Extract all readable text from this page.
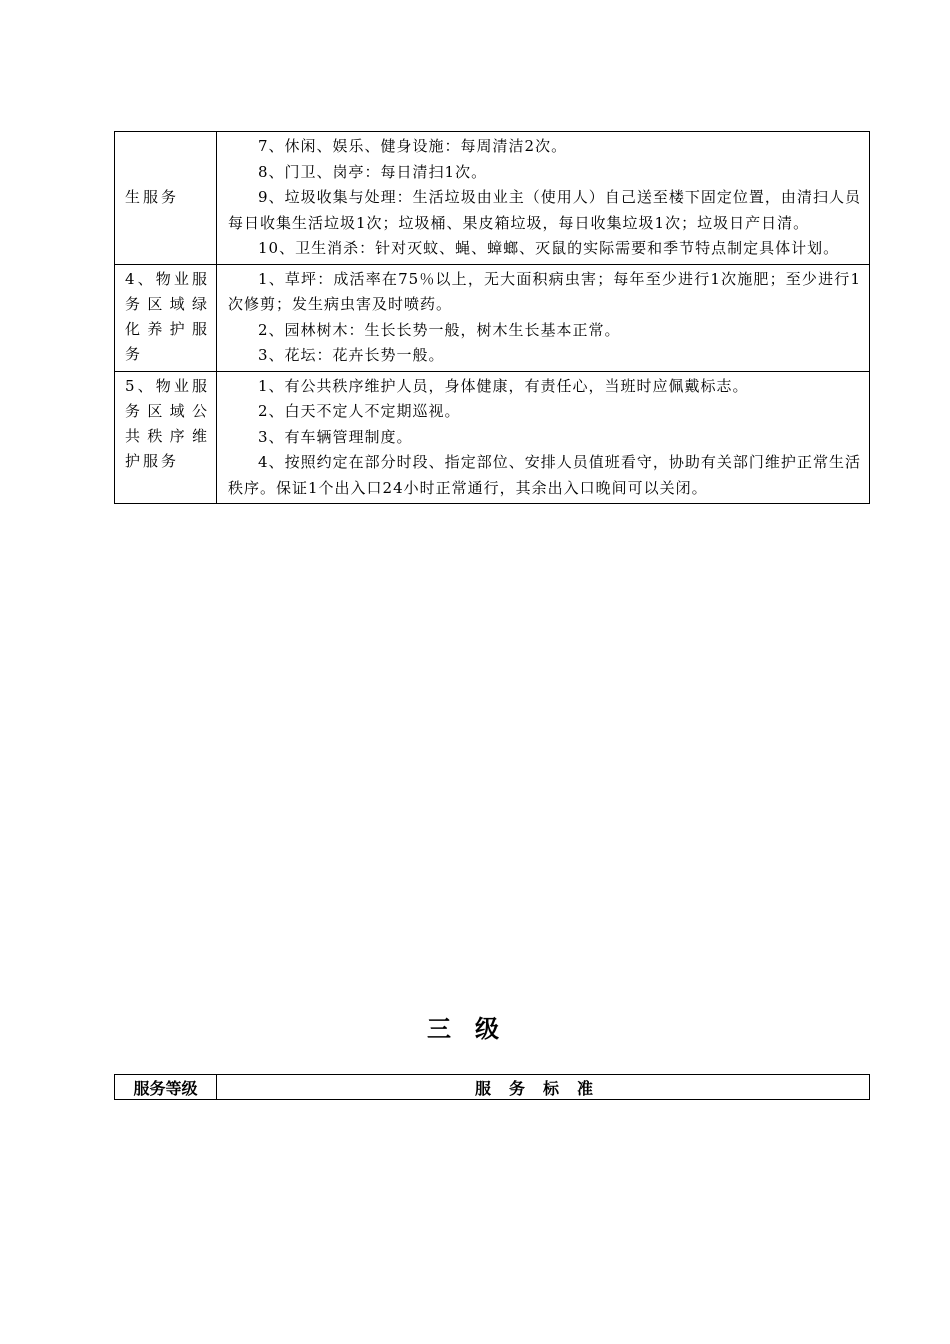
生服务	7、休闲、娱乐、健身设施：每周清洁2次。

8、门卫、岗亭：每日清扫1次。

9、垃圾收集与处理：生活垃圾由业主（使用人）自己送至楼下固定位置，由清扫人员每日收集生活垃圾1次；垃圾桶、果皮箱垃圾，每日收集垃圾1次；垃圾日产日清。

10、卫生消杀：针对灭蚊、蝇、蟑螂、灭鼠的实际需要和季节特点制定具体计划。

4、物业服务区域绿化养护服务	1、草坪：成活率在75％以上，无大面积病虫害；每年至少进行1次施肥；至少进行1次修剪；发生病虫害及时喷药。

2、园林树木：生长长势一般，树木生长基本正常。

3、花坛：花卉长势一般。

5、物业服务区域公共秩序维护服务	1、有公共秩序维护人员，身体健康，有责任心，当班时应佩戴标志。

2、白天不定人不定期巡视。

3、有车辆管理制度。

4、按照约定在部分时段、指定部位、安排人员值班看守，协助有关部门维护正常生活秩序。保证1个出入口24小时正常通行，其余出入口晚间可以关闭。

三级
服务等级	服务标准
